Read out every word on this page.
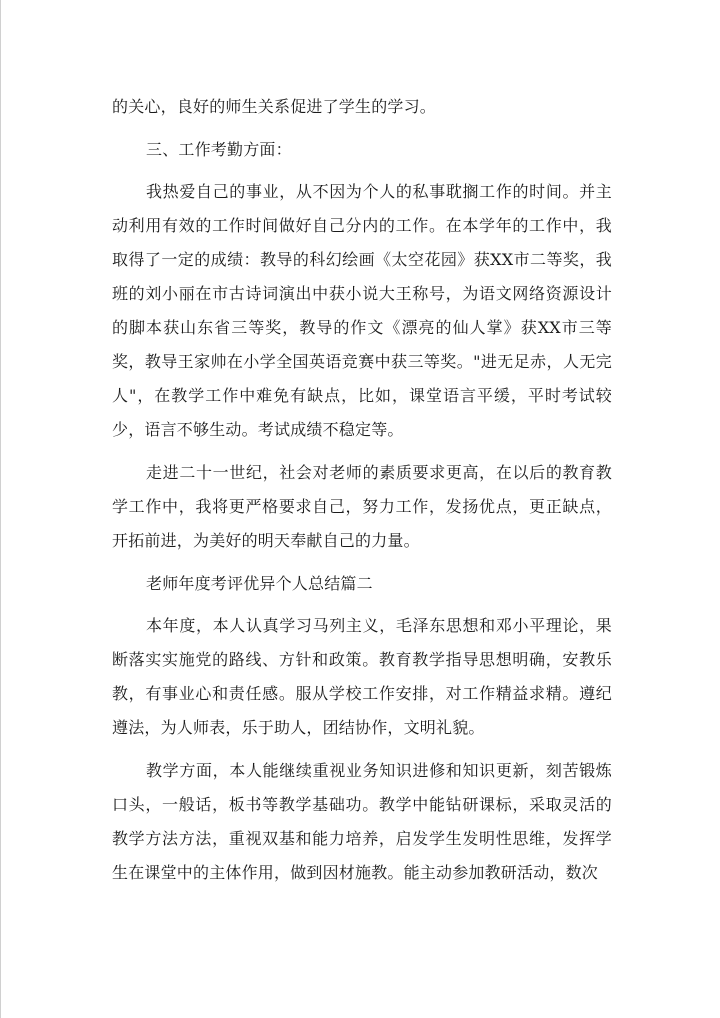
的关心，良好的师生关系促进了学生的学习。

三、工作考勤方面：

我热爱自己的事业，从不因为个人的私事耽搁工作的时间。并主动利用有效的工作时间做好自己分内的工作。在本学年的工作中，我取得了一定的成绩：教导的科幻绘画《太空花园》获XX市二等奖，我班的刘小丽在市古诗词演出中获小说大王称号，为语文网络资源设计的脚本获山东省三等奖，教导的作文《漂亮的仙人掌》获XX市三等奖，教导王家帅在小学全国英语竞赛中获三等奖。"进无足赤，人无完人"，在教学工作中难免有缺点，比如，课堂语言平缓，平时考试较少，语言不够生动。考试成绩不稳定等。

走进二十一世纪，社会对老师的素质要求更高，在以后的教育教学工作中，我将更严格要求自己，努力工作，发扬优点，更正缺点，开拓前进，为美好的明天奉献自己的力量。

老师年度考评优异个人总结篇二

本年度，本人认真学习马列主义，毛泽东思想和邓小平理论，果断落实实施党的路线、方针和政策。教育教学指导思想明确，安教乐教，有事业心和责任感。服从学校工作安排，对工作精益求精。遵纪遵法，为人师表，乐于助人，团结协作，文明礼貌。

教学方面，本人能继续重视业务知识进修和知识更新，刻苦锻炼口头，一般话，板书等教学基础功。教学中能钻研课标，采取灵活的教学方法方法，重视双基和能力培养，启发学生发明性思维，发挥学生在课堂中的主体作用，做到因材施教。能主动参加教研活动，数次
